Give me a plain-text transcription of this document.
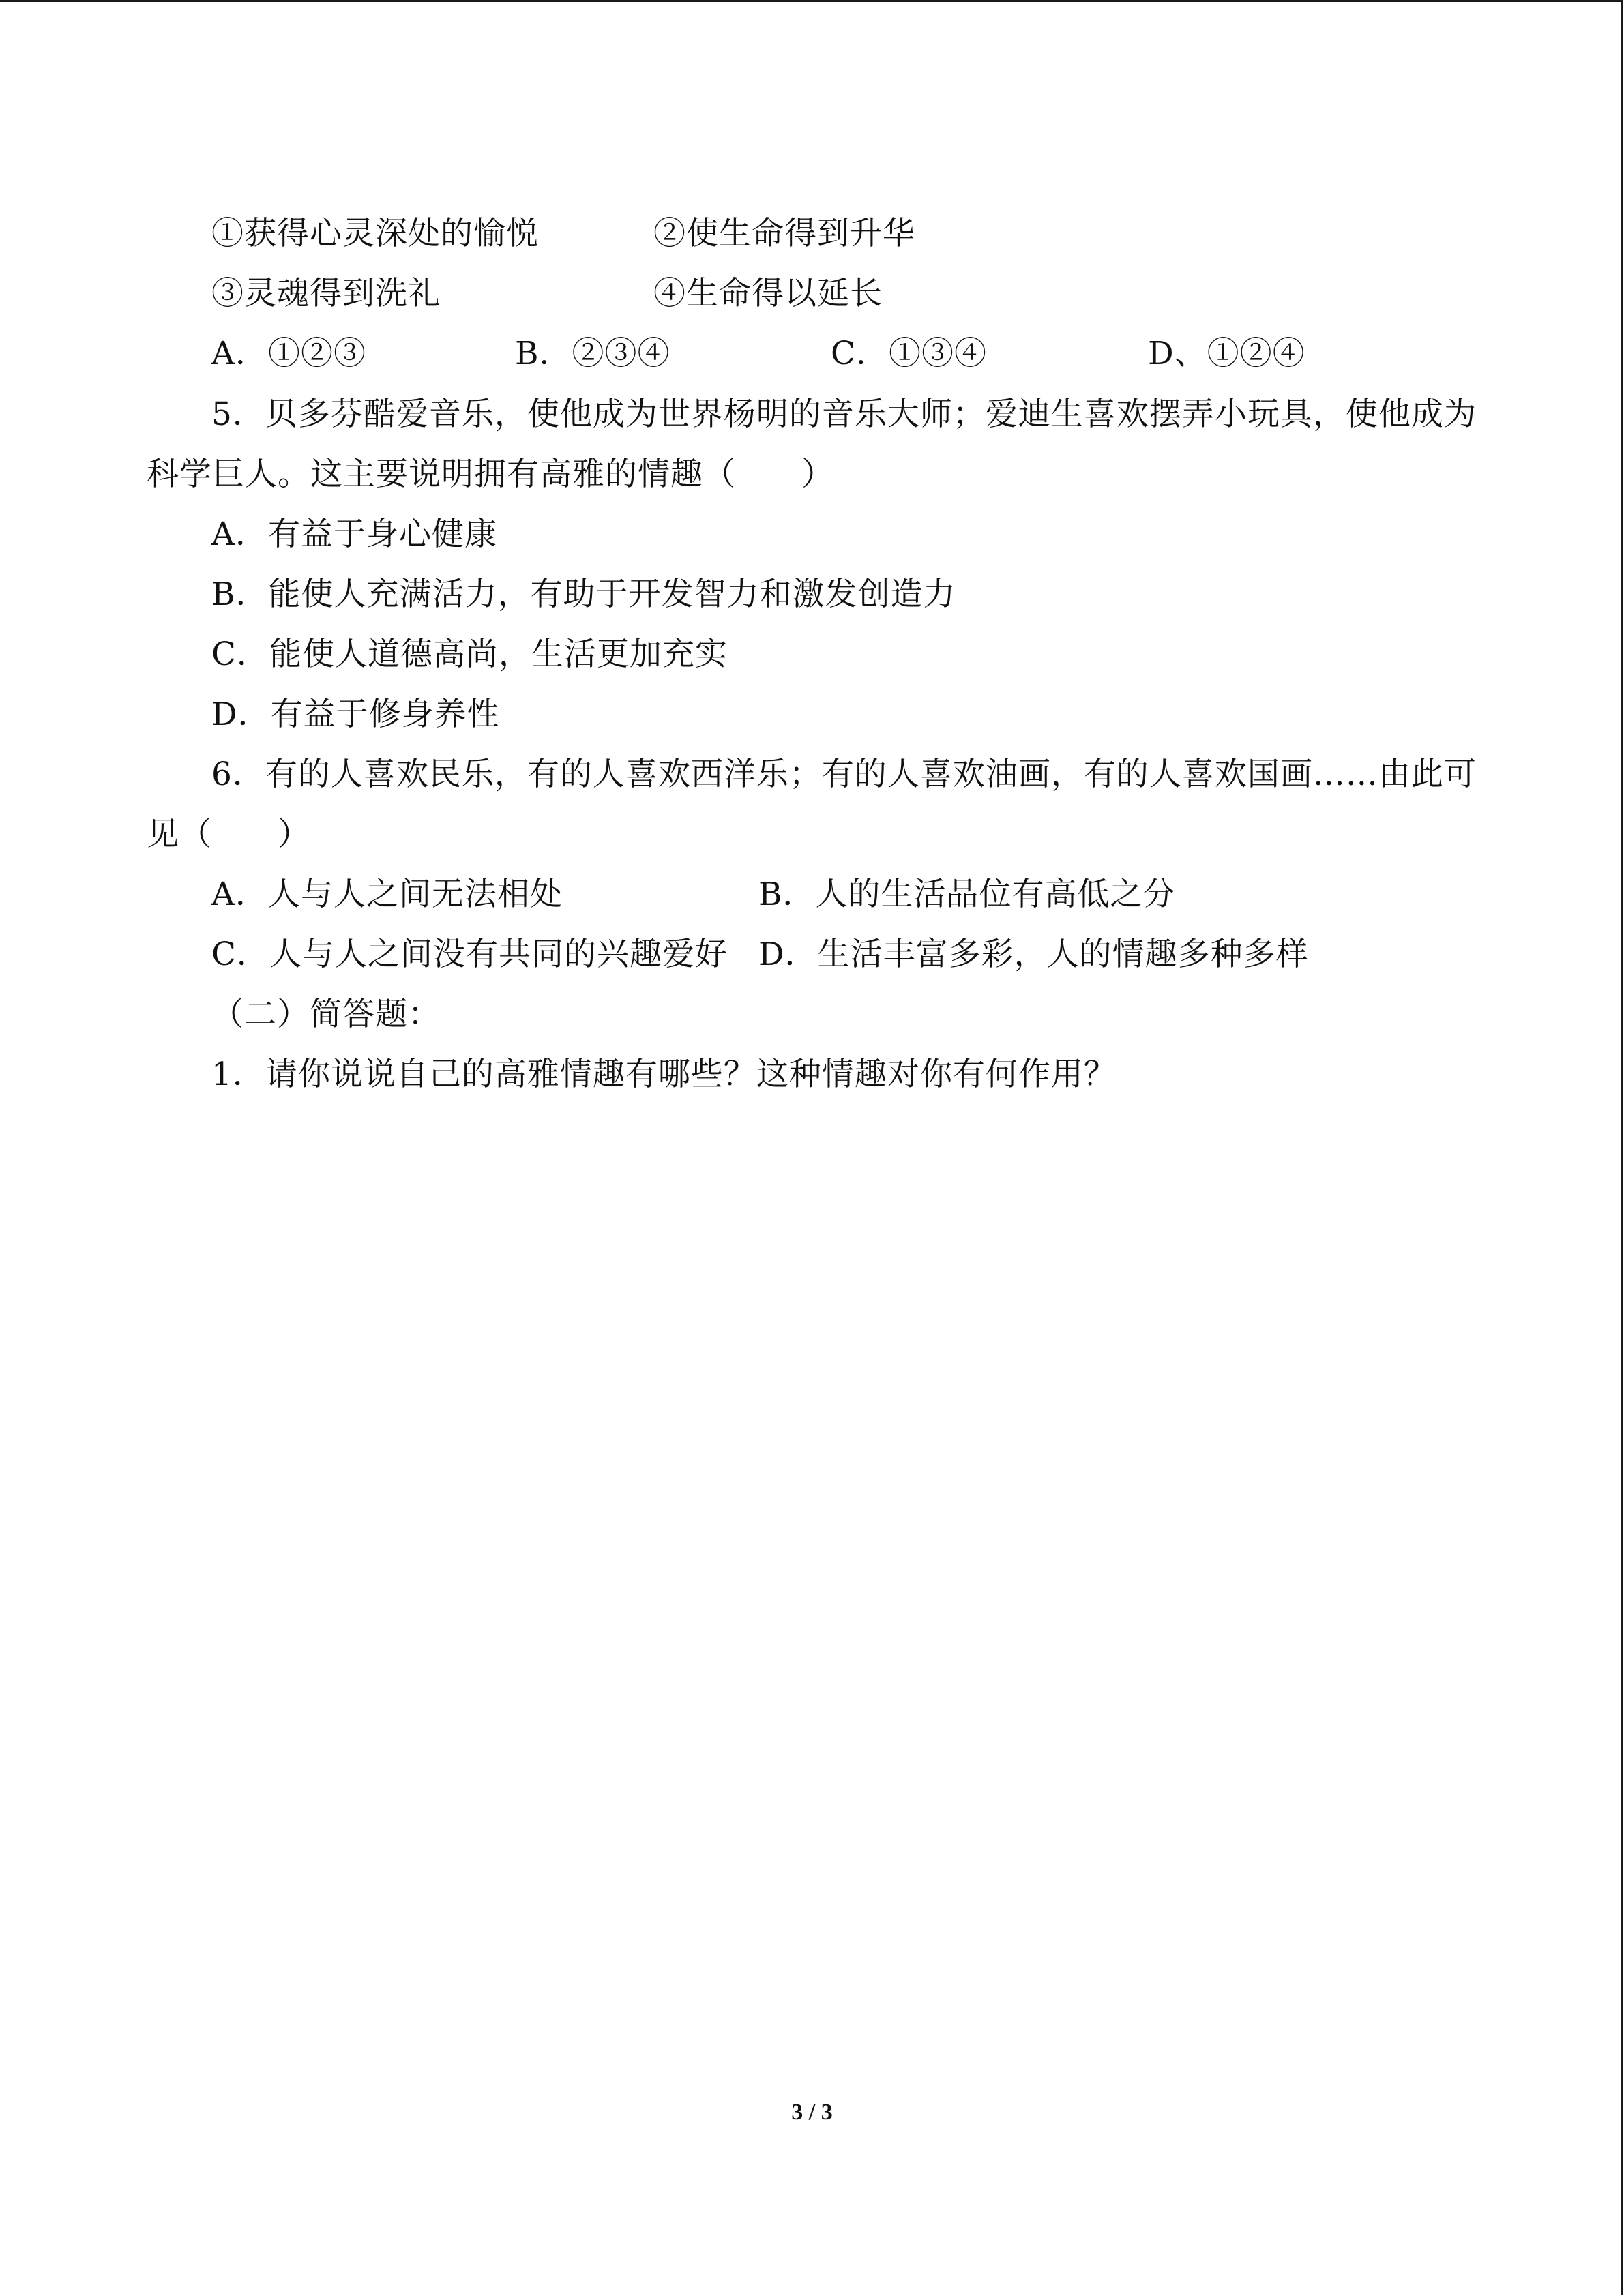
①获得心灵深处的愉悦	②使生命得到升华
③灵魂得到洗礼	④生命得以延长
A．①②③	B．②③④	C．①③④	D、①②④
5．贝多芬酷爱音乐，使他成为世界杨明的音乐大师；爱迪生喜欢摆弄小玩具，使他成为
科学巨人。这主要说明拥有高雅的情趣（　　）
A．有益于身心健康
B．能使人充满活力，有助于开发智力和激发创造力
C．能使人道德高尚，生活更加充实
D．有益于修身养性
6．有的人喜欢民乐，有的人喜欢西洋乐；有的人喜欢油画，有的人喜欢国画……由此可
见（　　）
A．人与人之间无法相处	B．人的生活品位有高低之分
C．人与人之间没有共同的兴趣爱好 D．生活丰富多彩，人的情趣多种多样
（二）简答题：
1．请你说说自己的高雅情趣有哪些？这种情趣对你有何作用？
3 / 3
